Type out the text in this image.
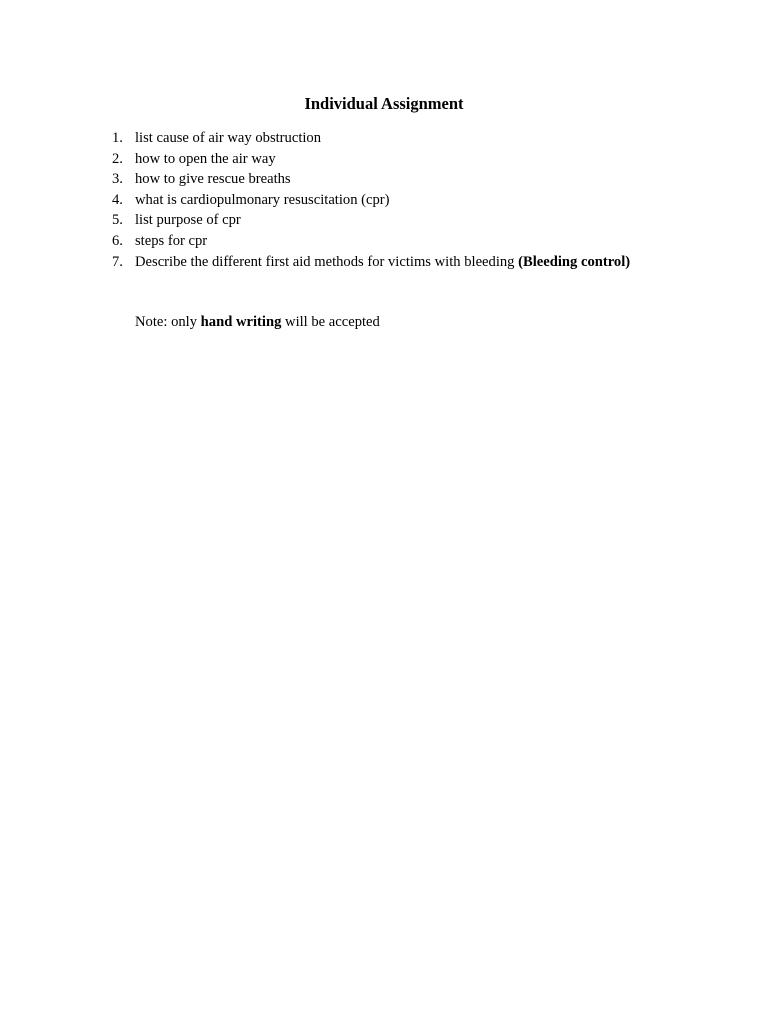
Individual Assignment
1. list cause of air way obstruction
2. how to open the air way
3. how to give rescue breaths
4. what is cardiopulmonary resuscitation (cpr)
5. list purpose of cpr
6. steps for cpr
7. Describe the different first aid methods for victims with bleeding (Bleeding control)
Note: only hand writing will be accepted
